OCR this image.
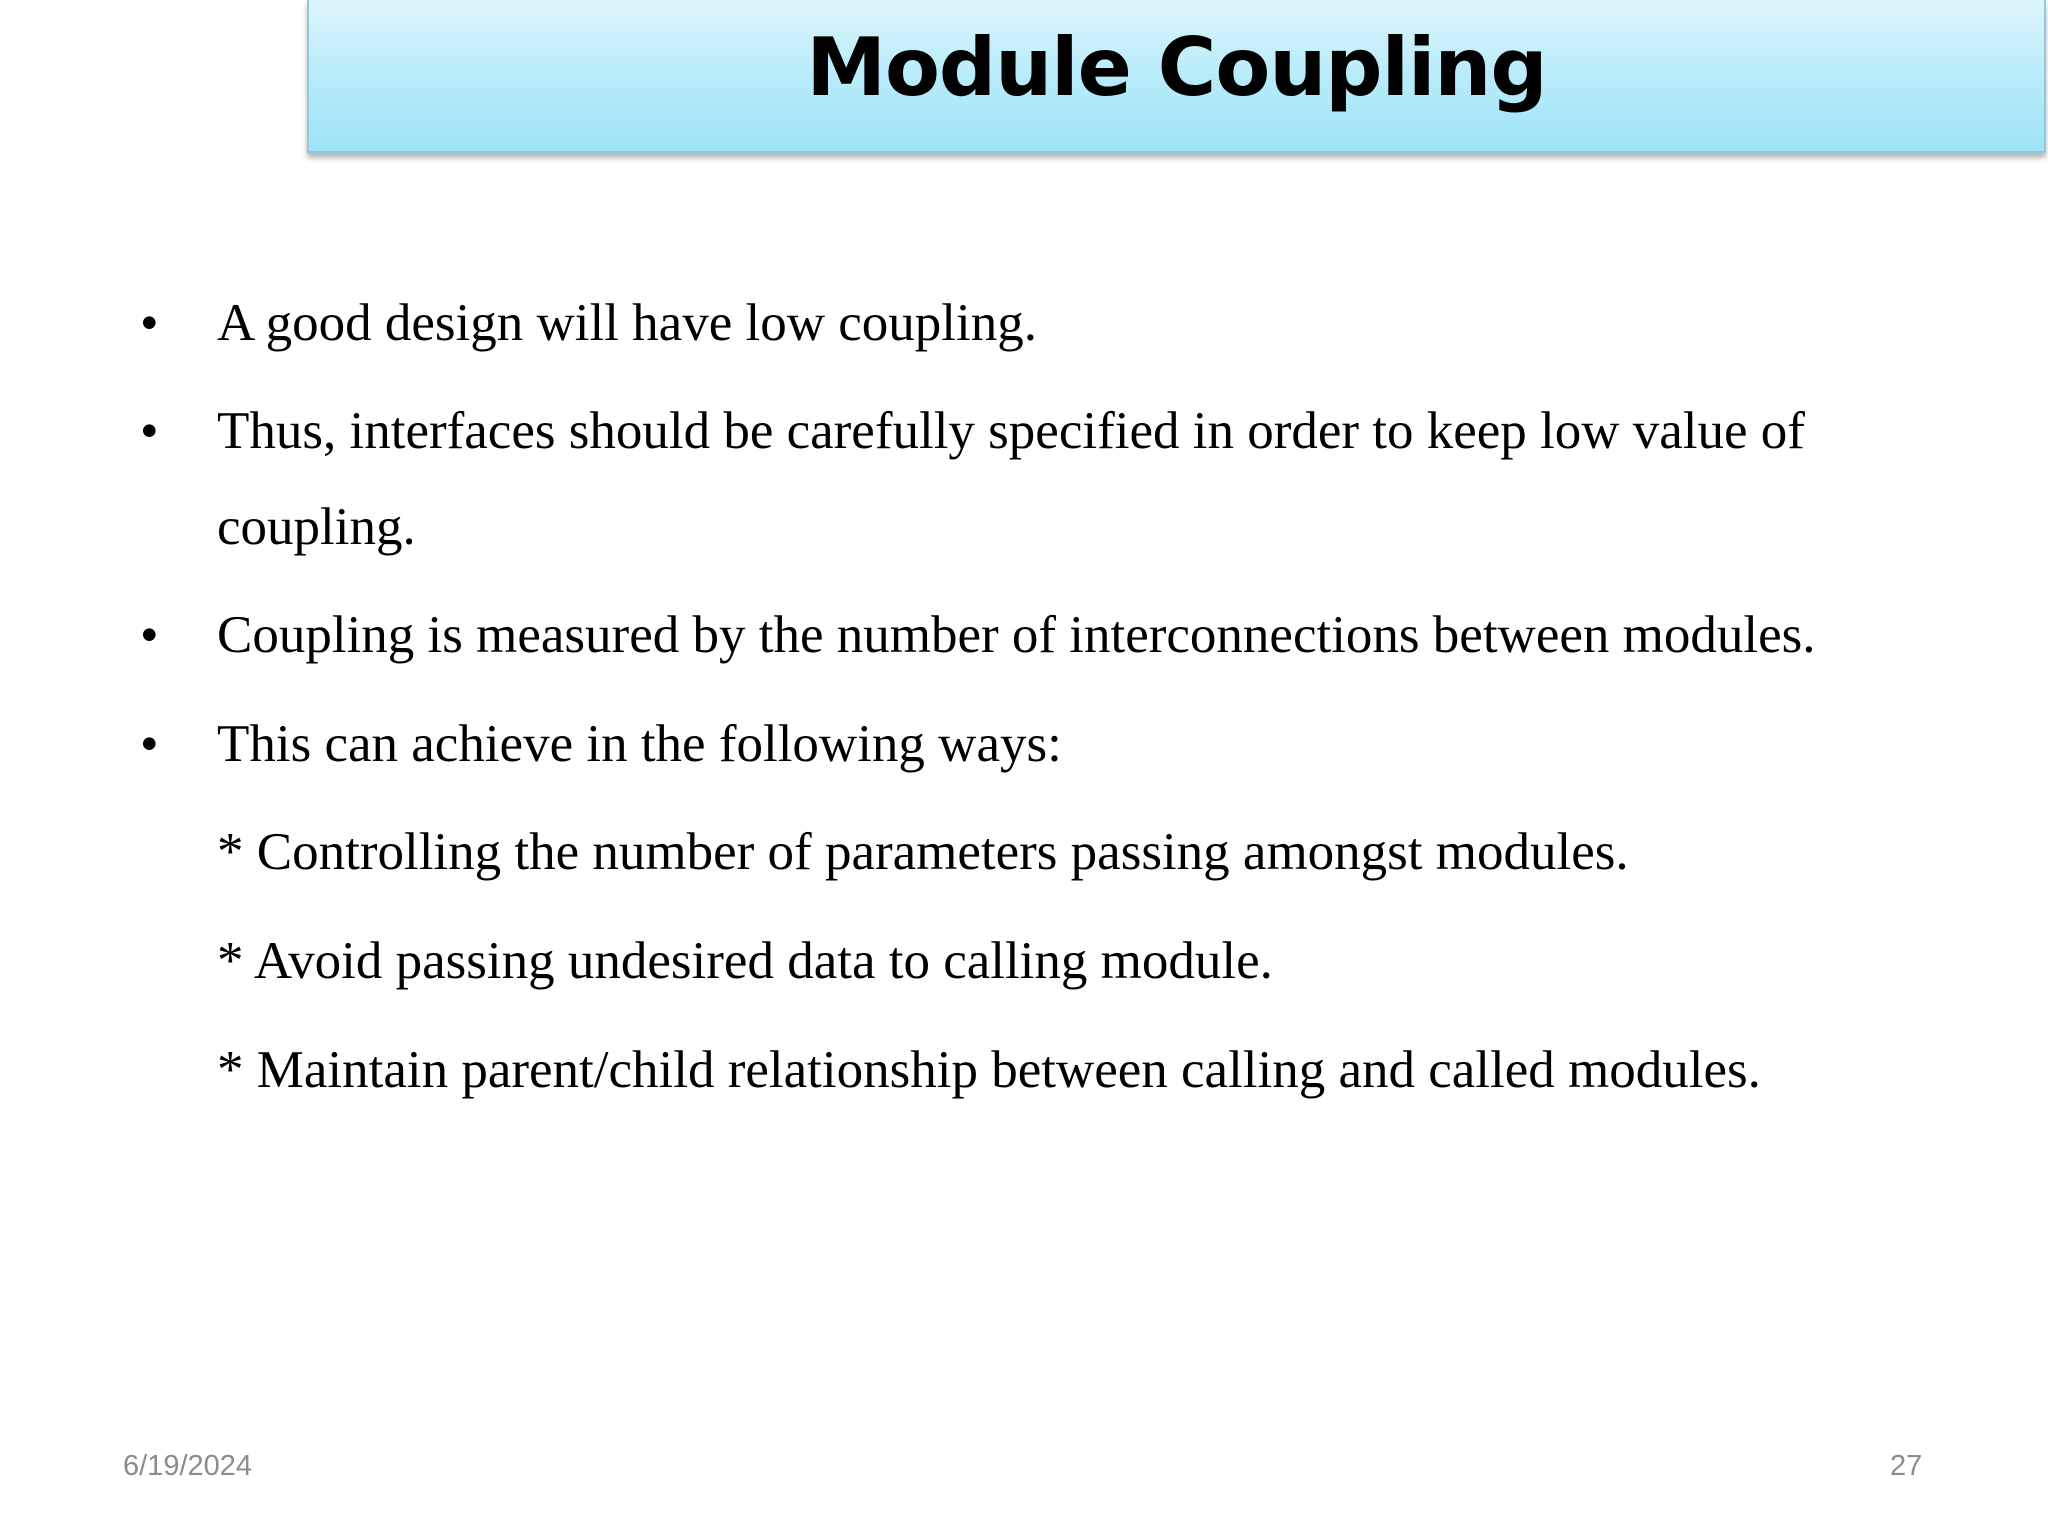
Module Coupling
• A good design will have low coupling.
• Thus, interfaces should be carefully specified in order to keep low value of
coupling.
• Coupling is measured by the number of interconnections between modules.
• This can achieve in the following ways:
* Controlling the number of parameters passing amongst modules.
* Avoid passing undesired data to calling module.
* Maintain parent/child relationship between calling and called modules.
6/19/2024	27
